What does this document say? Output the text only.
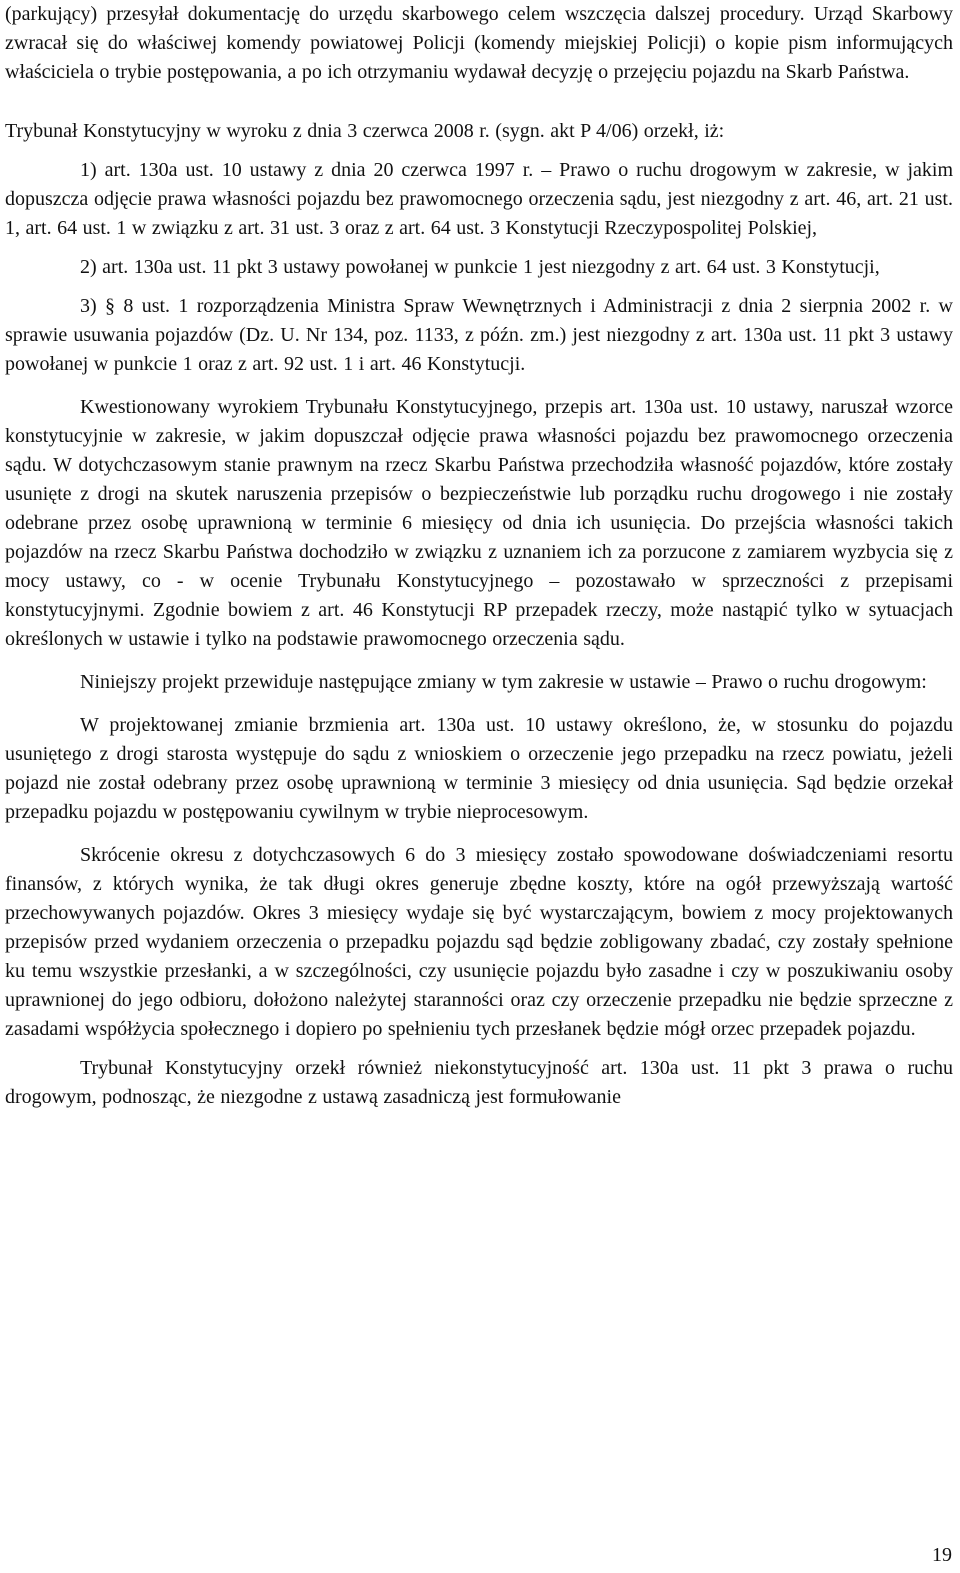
(parkujący) przesyłał dokumentację do urzędu skarbowego celem wszczęcia dalszej procedury. Urząd Skarbowy zwracał się do właściwej komendy powiatowej Policji (komendy miejskiej Policji) o kopie pism informujących właściciela o trybie postępowania, a po ich otrzymaniu wydawał decyzję o przejęciu pojazdu na Skarb Państwa.

Trybunał Konstytucyjny w wyroku z dnia 3 czerwca 2008 r. (sygn. akt P 4/06) orzekł, iż:

1) art. 130a ust. 10 ustawy z dnia 20 czerwca 1997 r. – Prawo o ruchu drogowym w zakresie, w jakim dopuszcza odjęcie prawa własności pojazdu bez prawomocnego orzeczenia sądu, jest niezgodny z art. 46, art. 21 ust. 1, art. 64 ust. 1 w związku z art. 31 ust. 3 oraz z art. 64 ust. 3 Konstytucji Rzeczypospolitej Polskiej,

2) art. 130a ust. 11 pkt 3 ustawy powołanej w punkcie 1 jest niezgodny z art. 64 ust. 3 Konstytucji,

3) § 8 ust. 1 rozporządzenia Ministra Spraw Wewnętrznych i Administracji z dnia 2 sierpnia 2002 r. w sprawie usuwania pojazdów (Dz. U. Nr 134, poz. 1133, z późn. zm.) jest niezgodny z art. 130a ust. 11 pkt 3 ustawy powołanej w punkcie 1 oraz z art. 92 ust. 1 i art. 46 Konstytucji.

Kwestionowany wyrokiem Trybunału Konstytucyjnego, przepis art. 130a ust. 10 ustawy, naruszał wzorce konstytucyjnie w zakresie, w jakim dopuszczał odjęcie prawa własności pojazdu bez prawomocnego orzeczenia sądu. W dotychczasowym stanie prawnym na rzecz Skarbu Państwa przechodziła własność pojazdów, które zostały usunięte z drogi na skutek naruszenia przepisów o bezpieczeństwie lub porządku ruchu drogowego i nie zostały odebrane przez osobę uprawnioną w terminie 6 miesięcy od dnia ich usunięcia. Do przejścia własności takich pojazdów na rzecz Skarbu Państwa dochodziło w związku z uznaniem ich za porzucone z zamiarem wyzbycia się z mocy ustawy, co - w ocenie Trybunału Konstytucyjnego – pozostawało w sprzeczności z przepisami konstytucyjnymi. Zgodnie bowiem z art. 46 Konstytucji RP przepadek rzeczy, może nastąpić tylko w sytuacjach określonych w ustawie i tylko na podstawie prawomocnego orzeczenia sądu.

Niniejszy projekt przewiduje następujące zmiany w tym zakresie w ustawie – Prawo o ruchu drogowym:

W projektowanej zmianie brzmienia art. 130a ust. 10 ustawy określono, że, w stosunku do pojazdu usuniętego z drogi starosta występuje do sądu z wnioskiem o orzeczenie jego przepadku na rzecz powiatu, jeżeli pojazd nie został odebrany przez osobę uprawnioną w terminie 3 miesięcy od dnia usunięcia. Sąd będzie orzekał przepadku pojazdu w postępowaniu cywilnym w trybie nieprocesowym.

Skrócenie okresu z dotychczasowych 6 do 3 miesięcy zostało spowodowane doświadczeniami resortu finansów, z których wynika, że tak długi okres generuje zbędne koszty, które na ogół przewyższają wartość przechowywanych pojazdów. Okres 3 miesięcy wydaje się być wystarczającym, bowiem z mocy projektowanych przepisów przed wydaniem orzeczenia o przepadku pojazdu sąd będzie zobligowany zbadać, czy zostały spełnione ku temu wszystkie przesłanki, a w szczególności, czy usunięcie pojazdu było zasadne i czy w poszukiwaniu osoby uprawnionej do jego odbioru, dołożono należytej staranności oraz czy orzeczenie przepadku nie będzie sprzeczne z zasadami współżycia społecznego i dopiero po spełnieniu tych przesłanek będzie mógł orzec przepadek pojazdu.

Trybunał Konstytucyjny orzekł również niekonstytucyjność art. 130a ust. 11 pkt 3 prawa o ruchu drogowym, podnosząc, że niezgodne z ustawą zasadniczą jest formułowanie

19
